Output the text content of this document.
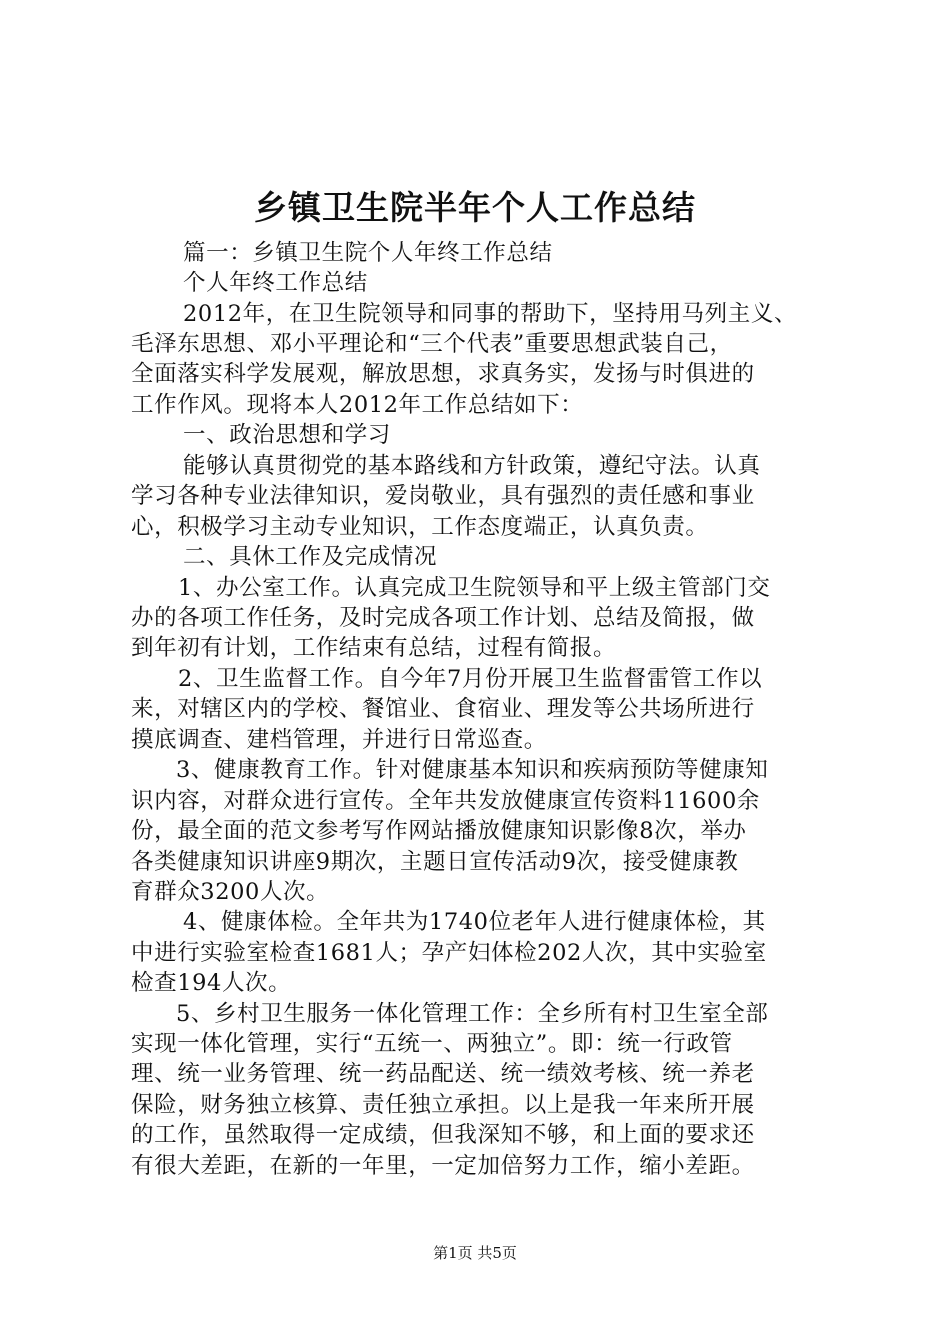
乡镇卫生院半年个人工作总结
篇一：乡镇卫生院个人年终工作总结
个人年终工作总结
2012年，在卫生院领导和同事的帮助下，坚持用马列主义、
毛泽东思想、邓小平理论和“三个代表”重要思想武装自己，
全面落实科学发展观，解放思想，求真务实，发扬与时俱进的
工作作风。现将本人2012年工作总结如下：
一、政治思想和学习
能够认真贯彻党的基本路线和方针政策，遵纪守法。认真
学习各种专业法律知识，爱岗敬业，具有强烈的责任感和事业
心，积极学习主动专业知识，工作态度端正，认真负责。
二、具休工作及完成情况
1、办公室工作。认真完成卫生院领导和平上级主管部门交
办的各项工作任务，及时完成各项工作计划、总结及简报，做
到年初有计划，工作结束有总结，过程有简报。
2、卫生监督工作。自今年7月份开展卫生监督雷管工作以
来，对辖区内的学校、餐馆业、食宿业、理发等公共场所进行
摸底调查、建档管理，并进行日常巡查。
3、健康教育工作。针对健康基本知识和疾病预防等健康知
识内容，对群众进行宣传。全年共发放健康宣传资料11600余
份，最全面的范文参考写作网站播放健康知识影像8次，举办
各类健康知识讲座9期次，主题日宣传活动9次，接受健康教
育群众3200人次。
4、健康体检。全年共为1740位老年人进行健康体检，其
中进行实验室检查1681人；孕产妇体检202人次，其中实验室
检查194人次。
5、乡村卫生服务一体化管理工作：全乡所有村卫生室全部
实现一体化管理，实行“五统一、两独立”。即：统一行政管
理、统一业务管理、统一药品配送、统一绩效考核、统一养老
保险，财务独立核算、责任独立承担。以上是我一年来所开展
的工作，虽然取得一定成绩，但我深知不够，和上面的要求还
有很大差距，在新的一年里，一定加倍努力工作，缩小差距。
第1页 共5页
